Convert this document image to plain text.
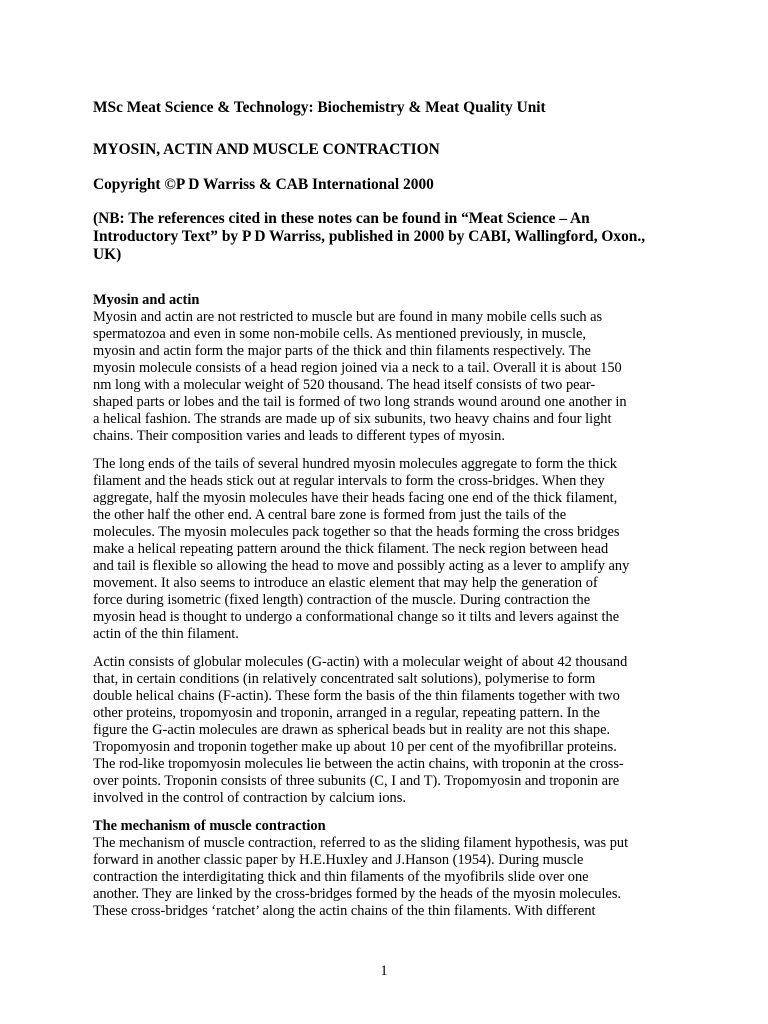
MSc Meat Science & Technology: Biochemistry & Meat Quality Unit

MYOSIN, ACTIN AND MUSCLE CONTRACTION

Copyright ©P D Warriss & CAB International 2000

(NB: The references cited in these notes can be found in “Meat Science – An

Introductory Text” by P D Warriss, published in 2000 by CABI, Wallingford, Oxon.,

UK)

Myosin and actin

Myosin and actin are not restricted to muscle but are found in many mobile cells such as

spermatozoa and even in some non-mobile cells. As mentioned previously, in muscle,

myosin and actin form the major parts of the thick and thin filaments respectively. The

myosin molecule consists of a head region joined via a neck to a tail. Overall it is about 150

nm long with a molecular weight of 520 thousand. The head itself consists of two pear-

shaped parts or lobes and the tail is formed of two long strands wound around one another in

a helical fashion. The strands are made up of six subunits, two heavy chains and four light

chains. Their composition varies and leads to different types of myosin.

The long ends of the tails of several hundred myosin molecules aggregate to form the thick

filament and the heads stick out at regular intervals to form the cross-bridges. When they

aggregate, half the myosin molecules have their heads facing one end of the thick filament,

the other half the other end. A central bare zone is formed from just the tails of the

molecules. The myosin molecules pack together so that the heads forming the cross bridges

make a helical repeating pattern around the thick filament. The neck region between head

and tail is flexible so allowing the head to move and possibly acting as a lever to amplify any

movement. It also seems to introduce an elastic element that may help the generation of

force during isometric (fixed length) contraction of the muscle. During contraction the

myosin head is thought to undergo a conformational change so it tilts and levers against the

actin of the thin filament.

Actin consists of globular molecules (G-actin) with a molecular weight of about 42 thousand

that, in certain conditions (in relatively concentrated salt solutions), polymerise to form

double helical chains (F-actin). These form the basis of the thin filaments together with two

other proteins, tropomyosin and troponin, arranged in a regular, repeating pattern. In the

figure the G-actin molecules are drawn as spherical beads but in reality are not this shape.

Tropomyosin and troponin together make up about 10 per cent of the myofibrillar proteins.

The rod-like tropomyosin molecules lie between the actin chains, with troponin at the cross-

over points. Troponin consists of three subunits (C, I and T). Tropomyosin and troponin are

involved in the control of contraction by calcium ions.

The mechanism of muscle contraction

The mechanism of muscle contraction, referred to as the sliding filament hypothesis, was put

forward in another classic paper by H.E.Huxley and J.Hanson (1954). During muscle

contraction the interdigitating thick and thin filaments of the myofibrils slide over one

another. They are linked by the cross-bridges formed by the heads of the myosin molecules.

These cross-bridges ‘ratchet’ along the actin chains of the thin filaments. With different

1
